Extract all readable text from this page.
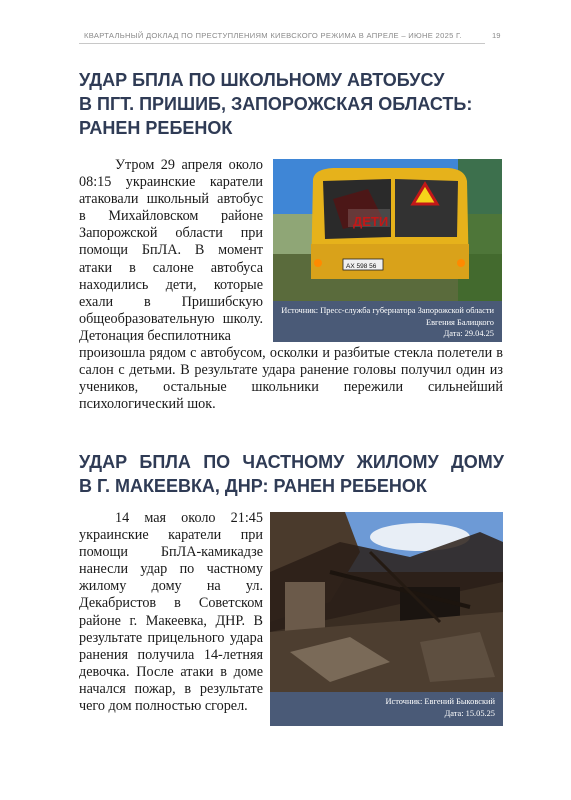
КВАРТАЛЬНЫЙ ДОКЛАД ПО ПРЕСТУПЛЕНИЯМ КИЕВСКОГО РЕЖИМА В АПРЕЛЕ – ИЮНЕ 2025 Г.	19
УДАР БПЛА ПО ШКОЛЬНОМУ АВТОБУСУ
В ПГТ. ПРИШИБ, ЗАПОРОЖСКАЯ ОБЛАСТЬ:
РАНЕН РЕБЕНОК
Утром 29 апреля около 08:15 украинские каратели атаковали школьный автобус в Михайловском районе Запорожской области при помощи БпЛА. В момент атаки в салоне автобуса находились дети, которые ехали в Пришибскую общеобразовательную школу. Детонация беспилотника
ДЕТИ
АХ 598 56
Источник: Пресс-служба губернатора Запорожской области Евгения Балицкого
Дата: 29.04.25
произошла рядом с автобусом, осколки и разбитые стекла полетели в салон с детьми. В результате удара ранение головы получил один из учеников, остальные школьники пережили сильнейший психологический шок.
УДАР БПЛА ПО ЧАСТНОМУ ЖИЛОМУ ДОМУ
В Г. МАКЕЕВКА, ДНР: РАНЕН РЕБЕНОК
14 мая около 21:45 украинские каратели при помощи БпЛА-камикадзе нанесли удар по частному жилому дому на ул. Декабристов в Советском районе г. Макеевка, ДНР. В результате прицельного удара ранения получила 14-летняя девочка. После атаки в доме начался пожар, в результате чего дом полностью сгорел.	Источник: Евгений Быковский
Дата: 15.05.25
